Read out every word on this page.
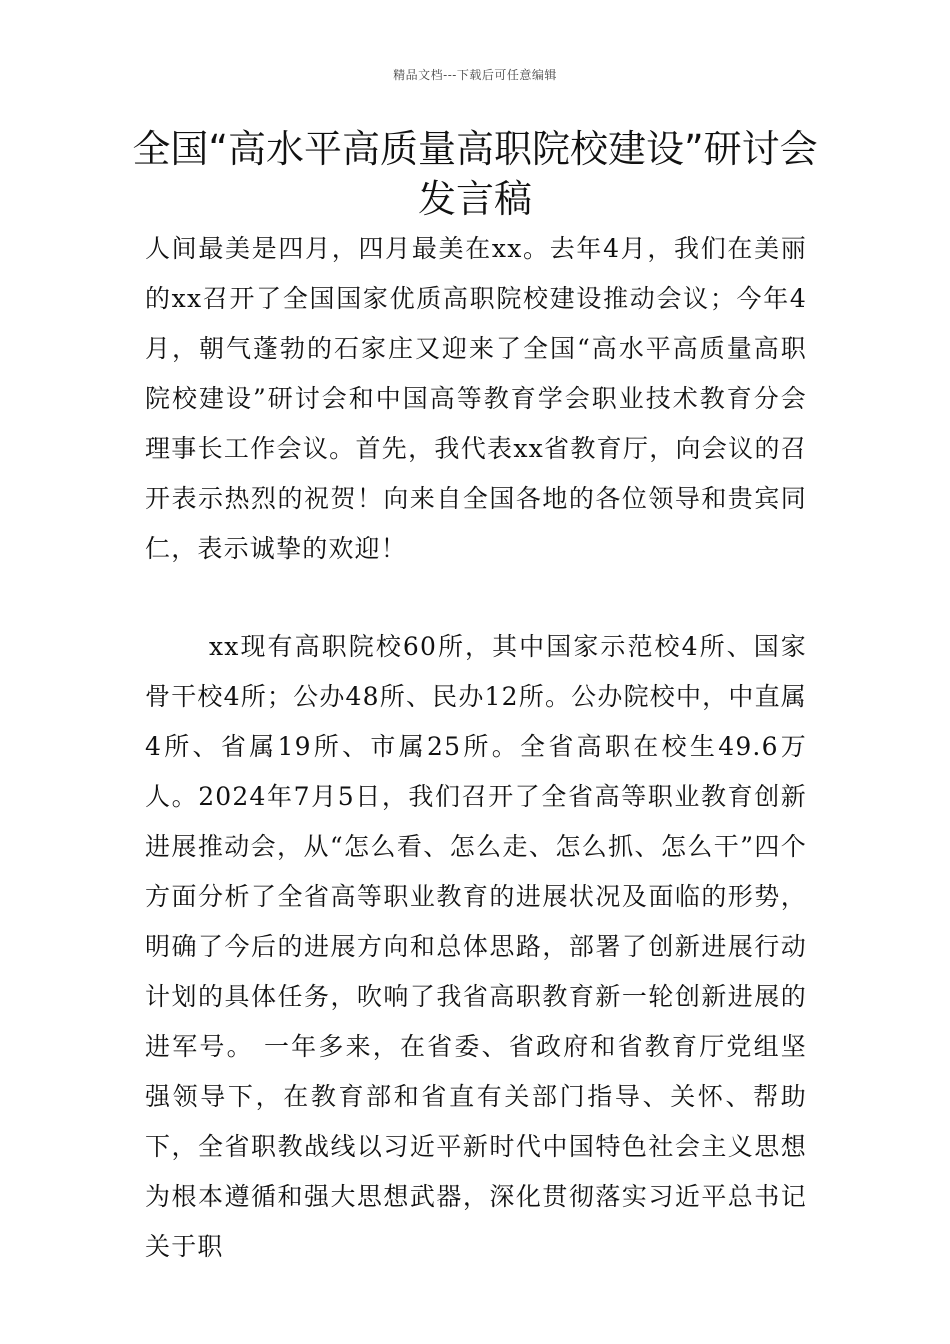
精品文档---下载后可任意编辑
全国“高水平高质量高职院校建设”研讨会发言稿

人间最美是四月，四月最美在xx。去年4月，我们在美丽的xx召开了全国国家优质高职院校建设推动会议；今年4月，朝气蓬勃的石家庄又迎来了全国“高水平高质量高职院校建设”研讨会和中国高等教育学会职业技术教育分会理事长工作会议。首先，我代表xx省教育厅，向会议的召开表示热烈的祝贺！向来自全国各地的各位领导和贵宾同仁，表示诚挚的欢迎！

xx现有高职院校60所，其中国家示范校4所、国家骨干校4所；公办48所、民办12所。公办院校中，中直属4所、省属19所、市属25所。全省高职在校生49.6万人。2024年7月5日，我们召开了全省高等职业教育创新进展推动会，从“怎么看、怎么走、怎么抓、怎么干”四个方面分析了全省高等职业教育的进展状况及面临的形势，明确了今后的进展方向和总体思路，部署了创新进展行动计划的具体任务，吹响了我省高职教育新一轮创新进展的进军号。 一年多来，在省委、省政府和省教育厅党组坚强领导下，在教育部和省直有关部门指导、关怀、帮助下，全省职教战线以习近平新时代中国特色社会主义思想为根本遵循和强大思想武器，深化贯彻落实习近平总书记关于职
